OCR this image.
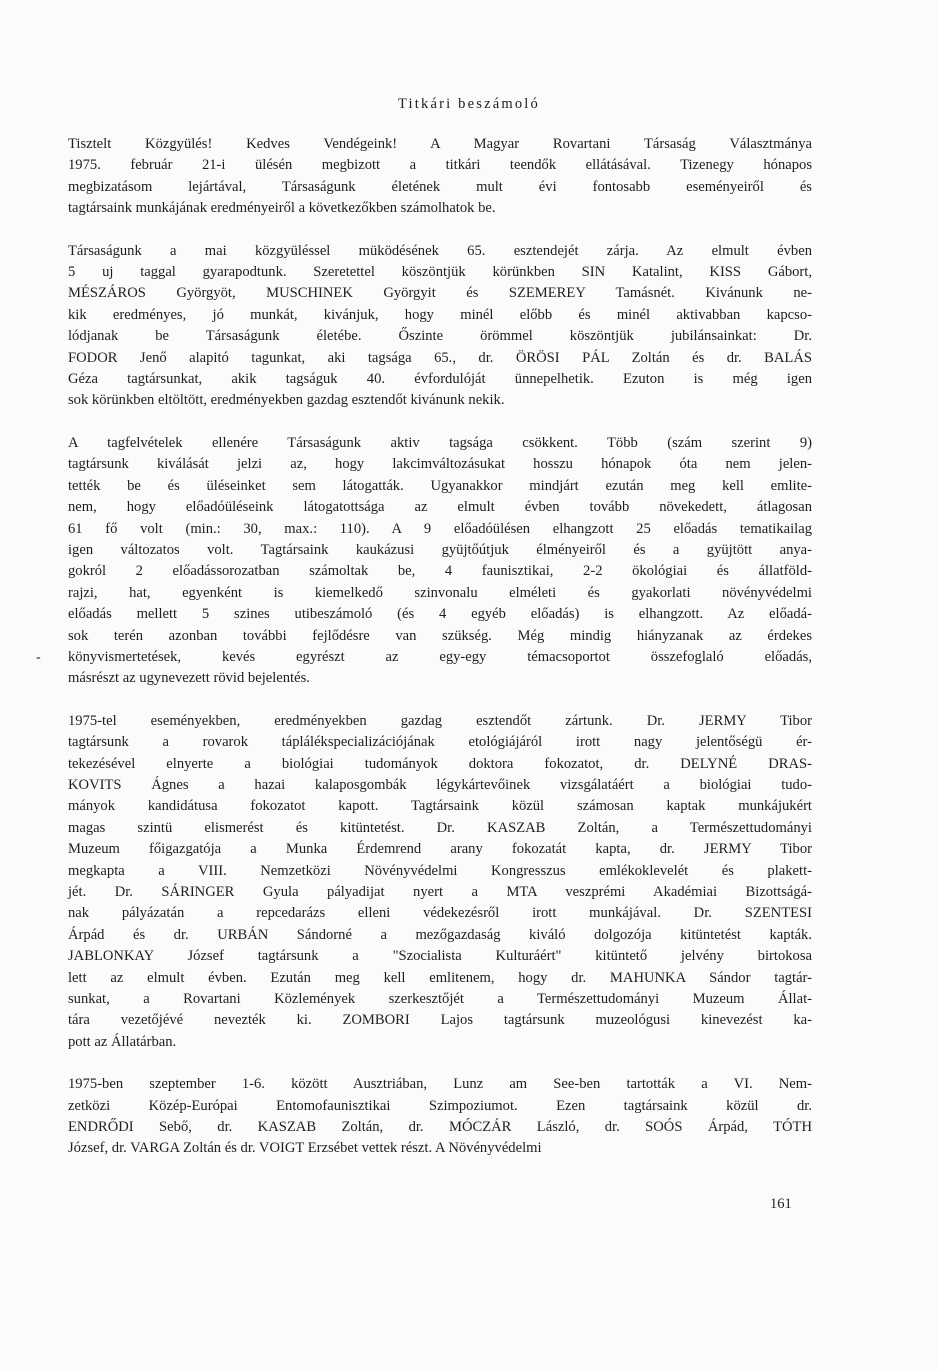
Titkári beszámoló
-
Tisztelt Közgyülés! Kedves Vendégeink! A Magyar Rovartani Társaság Választmánya
1975. február 21-i ülésén megbizott a titkári teendők ellátásával. Tizenegy hónapos
megbizatásom lejártával, Társaságunk életének mult évi fontosabb eseményeiről és
tagtársaink munkájának eredményeiről a következőkben számolhatok be.
Társaságunk a mai közgyüléssel müködésének 65. esztendejét zárja. Az elmult évben
5 uj taggal gyarapodtunk. Szeretettel köszöntjük körünkben SIN Katalint, KISS Gábort,
MÉSZÁROS Györgyöt, MUSCHINEK Györgyit és SZEMEREY Tamásnét. Kivánunk ne-
kik eredményes, jó munkát, kivánjuk, hogy minél előbb és minél aktivabban kapcso-
lódjanak be Társaságunk életébe. Őszinte örömmel köszöntjük jubilánsainkat: Dr.
FODOR Jenő alapitó tagunkat, aki tagsága 65., dr. ÖRÖSI PÁL Zoltán és dr. BALÁS
Géza tagtársunkat, akik tagságuk 40. évfordulóját ünnepelhetik. Ezuton is még igen
sok körünkben eltöltött, eredményekben gazdag esztendőt kivánunk nekik.
A tagfelvételek ellenére Társaságunk aktiv tagsága csökkent. Több (szám szerint 9)
tagtársunk kiválását jelzi az, hogy lakcimváltozásukat hosszu hónapok óta nem jelen-
tették be és üléseinket sem látogatták. Ugyanakkor mindjárt ezután meg kell emlite-
nem, hogy előadóüléseink látogatottsága az elmult évben tovább növekedett, átlagosan
61 fő volt (min.: 30, max.: 110). A 9 előadóülésen elhangzott 25 előadás tematikailag
igen változatos volt. Tagtársaink kaukázusi gyüjtőútjuk élményeiről és a gyüjtött anya-
gokról 2 előadássorozatban számoltak be, 4 faunisztikai, 2-2 ökológiai és állatföld-
rajzi, hat, egyenként is kiemelkedő szinvonalu elméleti és gyakorlati növényvédelmi
előadás mellett 5 szines utibeszámoló (és 4 egyéb előadás) is elhangzott. Az előadá-
sok terén azonban további fejlődésre van szükség. Még mindig hiányzanak az érdekes
könyvismertetések, kevés egyrészt az egy-egy témacsoportot összefoglaló előadás,
másrészt az ugynevezett rövid bejelentés.
1975-tel eseményekben, eredményekben gazdag esztendőt zártunk. Dr. JERMY Tibor
tagtársunk a rovarok táplálékspecializációjának etológiájáról irott nagy jelentőségü ér-
tekezésével elnyerte a biológiai tudományok doktora fokozatot, dr. DELYNÉ DRAS-
KOVITS Ágnes a hazai kalaposgombák légykártevőinek vizsgálatáért a biológiai tudo-
mányok kandidátusa fokozatot kapott. Tagtársaink közül számosan kaptak munkájukért
magas szintü elismerést és kitüntetést. Dr. KASZAB Zoltán, a Természettudományi
Muzeum főigazgatója a Munka Érdemrend arany fokozatát kapta, dr. JERMY Tibor
megkapta a VIII. Nemzetközi Növényvédelmi Kongresszus emlékoklevelét és plakett-
jét. Dr. SÁRINGER Gyula pályadijat nyert a MTA veszprémi Akadémiai Bizottságá-
nak pályázatán a repcedarázs elleni védekezésről irott munkájával. Dr. SZENTESI
Árpád és dr. URBÁN Sándorné a mezőgazdaság kiváló dolgozója kitüntetést kapták.
JABLONKAY József tagtársunk a "Szocialista Kulturáért" kitüntető jelvény birtokosa
lett az elmult évben. Ezután meg kell emlitenem, hogy dr. MAHUNKA Sándor tagtár-
sunkat, a Rovartani Közlemények szerkesztőjét a Természettudományi Muzeum Állat-
tára vezetőjévé nevezték ki. ZOMBORI Lajos tagtársunk muzeológusi kinevezést ka-
pott az Állatárban.
1975-ben szeptember 1-6. között Ausztriában, Lunz am See-ben tartották a VI. Nem-
zetközi Közép-Európai Entomofaunisztikai Szimpoziumot. Ezen tagtársaink közül dr.
ENDRŐDI Sebő, dr. KASZAB Zoltán, dr. MÓCZÁR László, dr. SOÓS Árpád, TÓTH
József, dr. VARGA Zoltán és dr. VOIGT Erzsébet vettek részt. A Növényvédelmi
161
